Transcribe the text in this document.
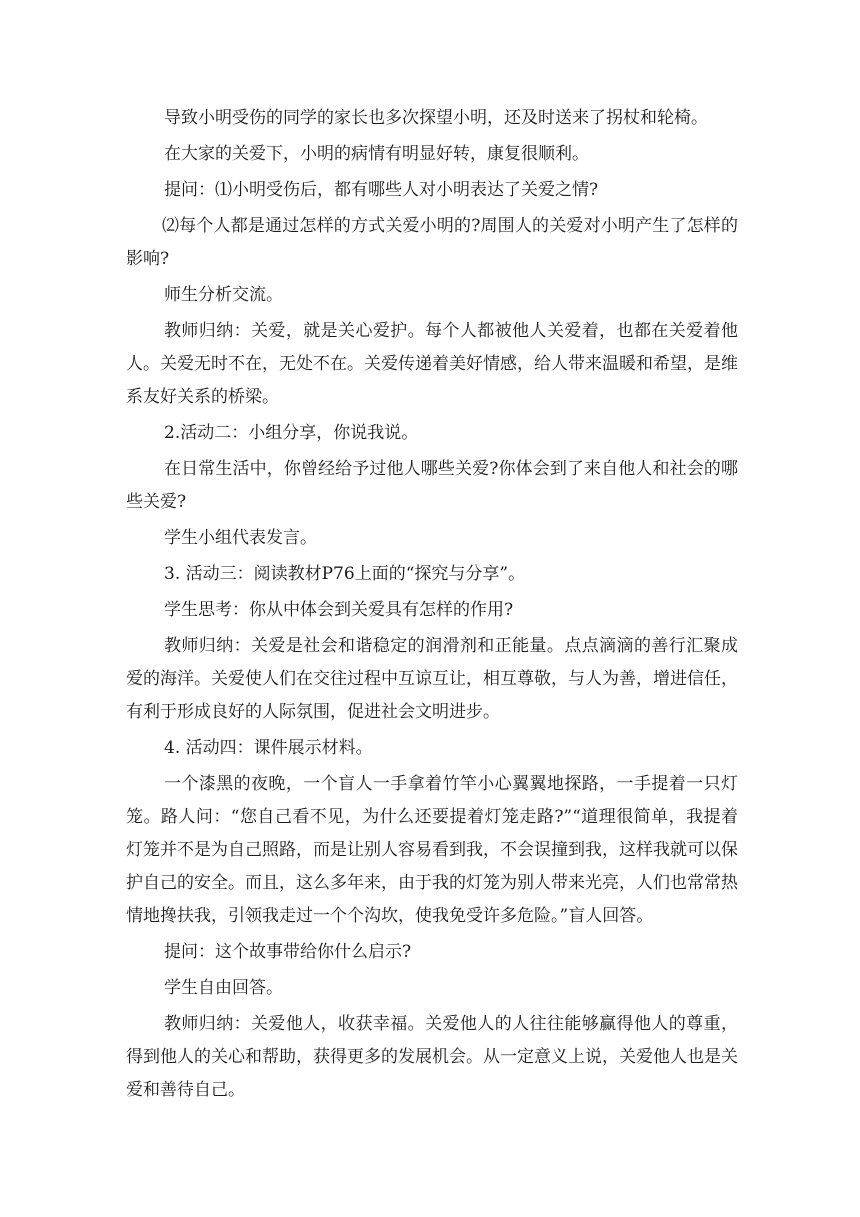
导致小明受伤的同学的家长也多次探望小明，还及时送来了拐杖和轮椅。

在大家的关爱下，小明的病情有明显好转，康复很顺利。

提问：⑴小明受伤后，都有哪些人对小明表达了关爱之情?

⑵每个人都是通过怎样的方式关爱小明的?周围人的关爱对小明产生了怎样的影响?

师生分析交流。

教师归纳：关爱，就是关心爱护。每个人都被他人关爱着，也都在关爱着他人。关爱无时不在，无处不在。关爱传递着美好情感，给人带来温暖和希望，是维系友好关系的桥梁。

2.活动二：小组分享，你说我说。

在日常生活中，你曾经给予过他人哪些关爱?你体会到了来自他人和社会的哪些关爱?

学生小组代表发言。

3. 活动三：阅读教材P76上面的“探究与分享”。

学生思考：你从中体会到关爱具有怎样的作用?

教师归纳：关爱是社会和谐稳定的润滑剂和正能量。点点滴滴的善行汇聚成爱的海洋。关爱使人们在交往过程中互谅互让，相互尊敬，与人为善，增进信任，有利于形成良好的人际氛围，促进社会文明进步。

4. 活动四：课件展示材料。

一个漆黑的夜晚，一个盲人一手拿着竹竿小心翼翼地探路，一手提着一只灯笼。路人问：“您自己看不见，为什么还要提着灯笼走路?”“道理很简单，我提着灯笼并不是为自己照路，而是让别人容易看到我，不会误撞到我，这样我就可以保护自己的安全。而且，这么多年来，由于我的灯笼为别人带来光亮，人们也常常热情地搀扶我，引领我走过一个个沟坎，使我免受许多危险。”盲人回答。

提问：这个故事带给你什么启示?

学生自由回答。

教师归纳：关爱他人，收获幸福。关爱他人的人往往能够赢得他人的尊重，得到他人的关心和帮助，获得更多的发展机会。从一定意义上说，关爱他人也是关爱和善待自己。
